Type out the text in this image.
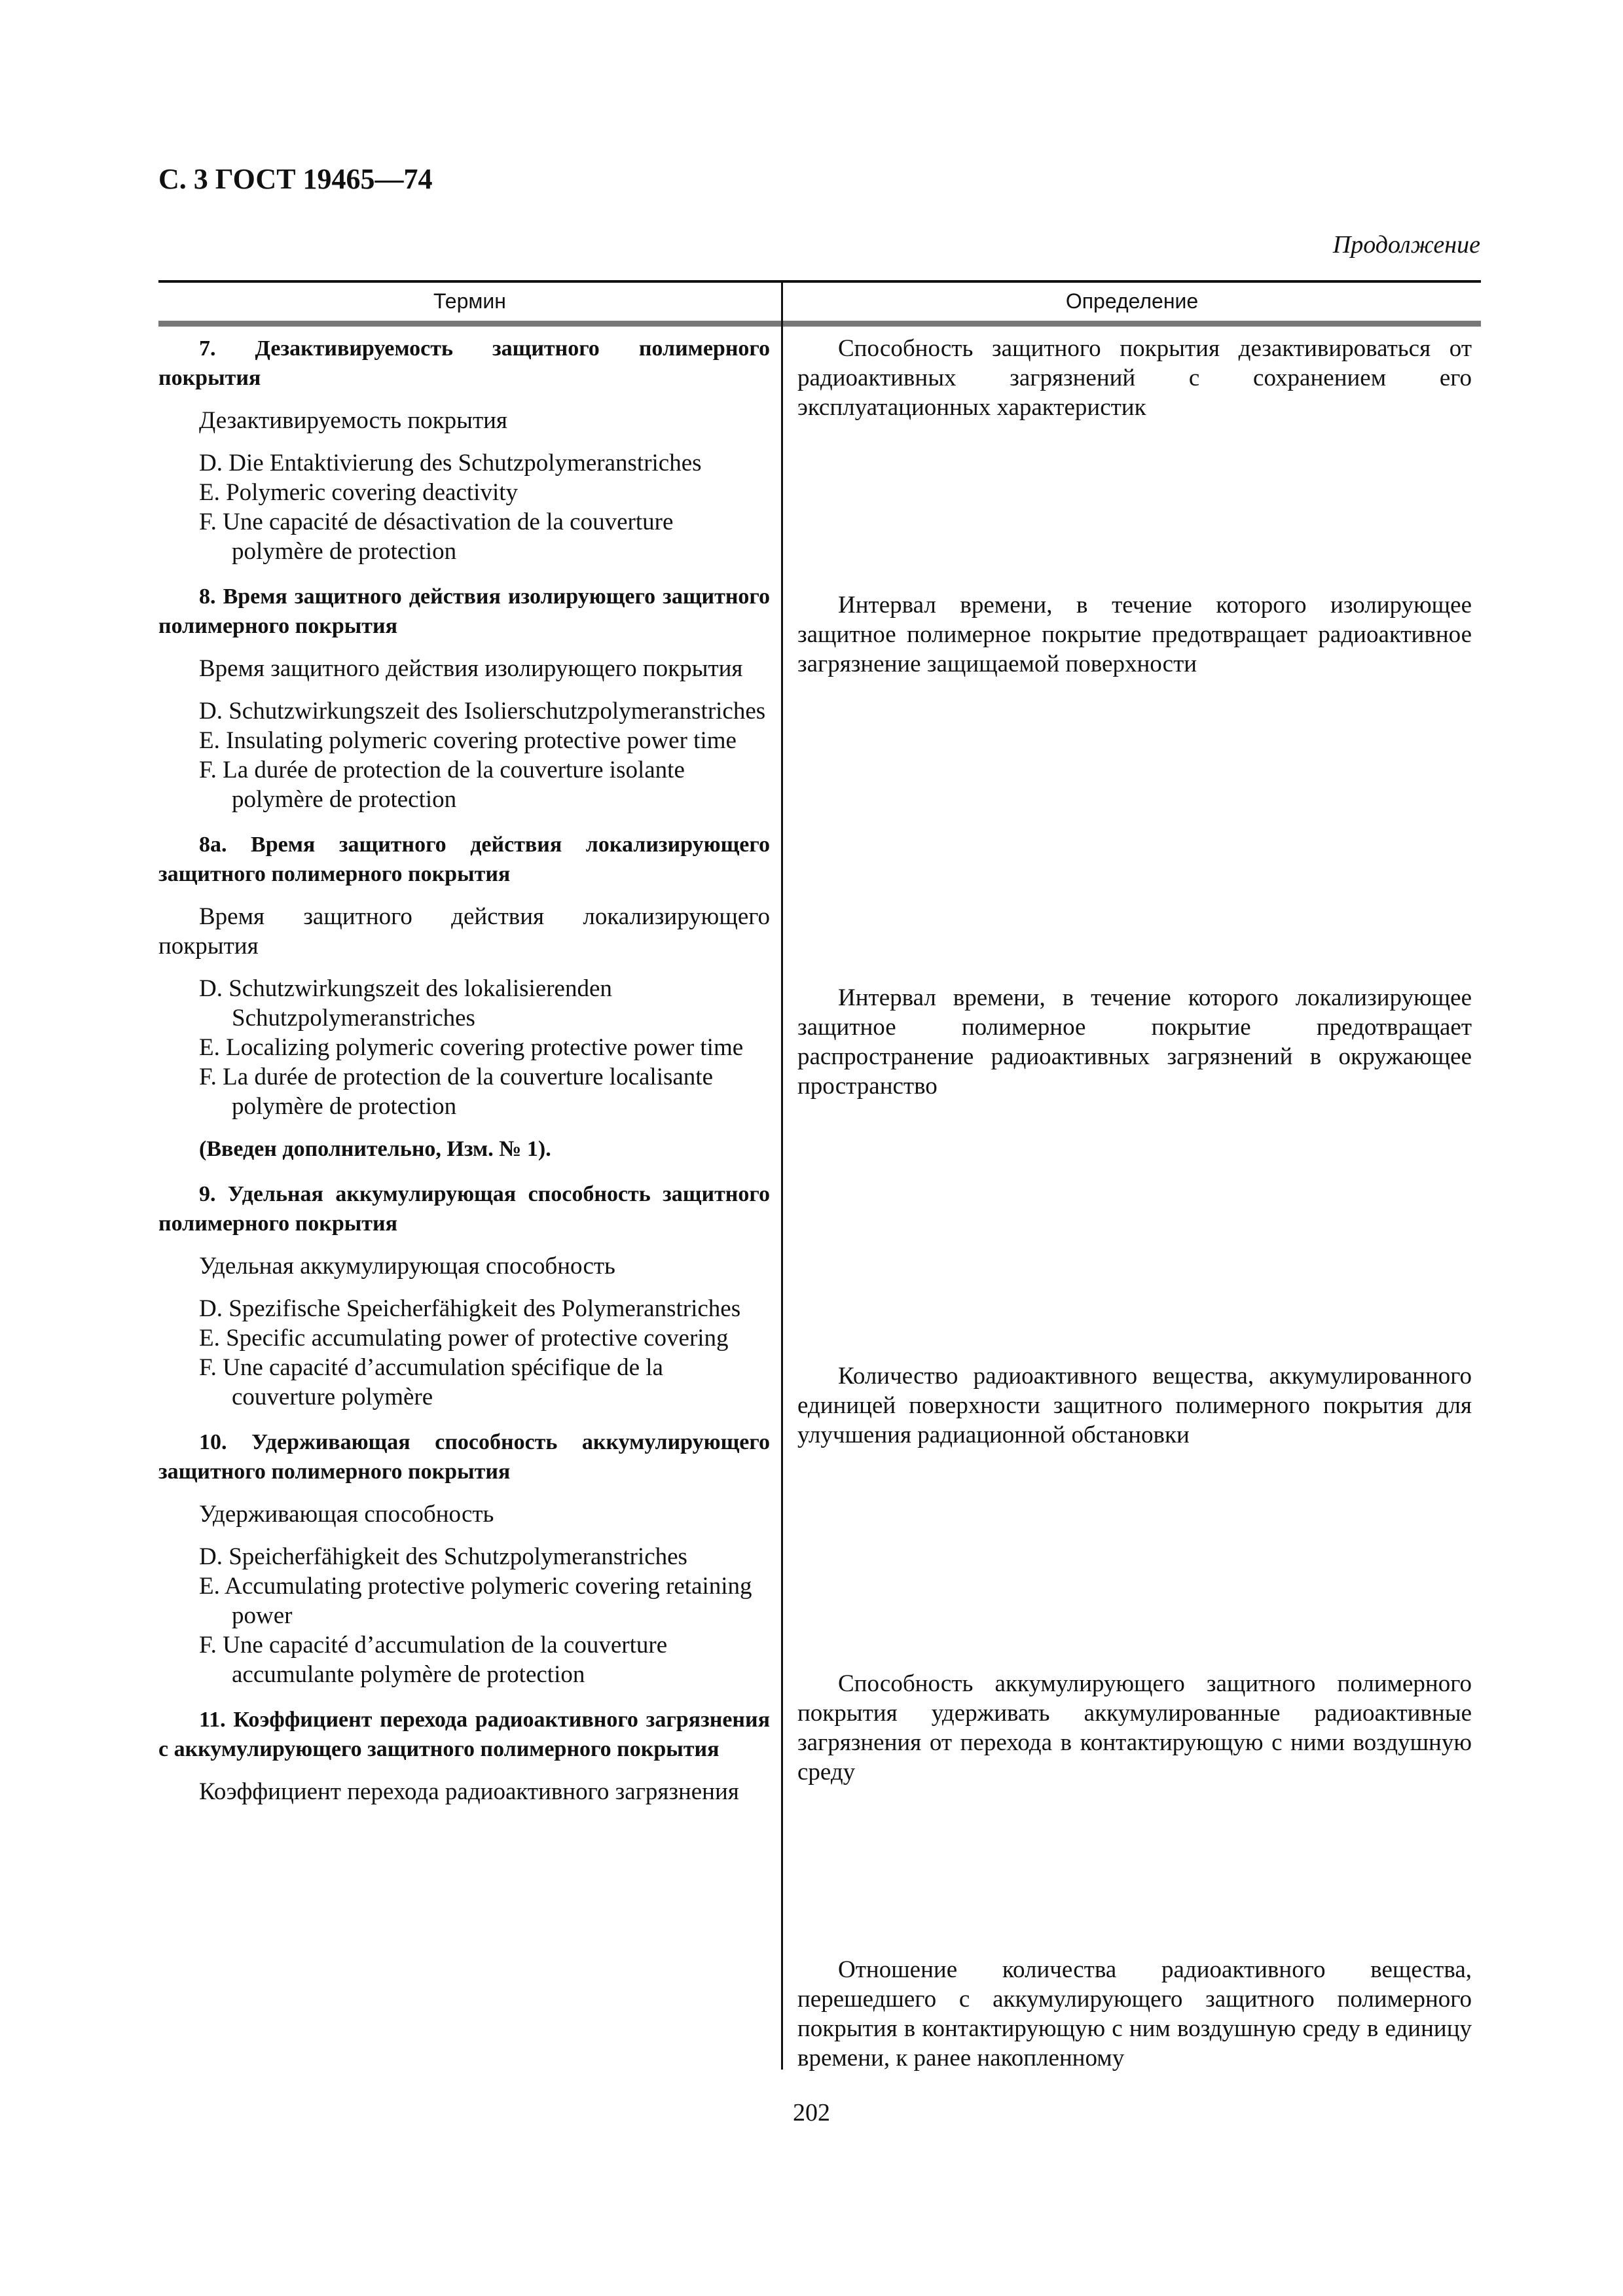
С. 3 ГОСТ 19465—74
Продолжение
Термин	Определение

7. Дезактивируемость защитного полимерного покрытия

Дезактивируемость покрытия

D. Die Entaktivierung des Schutzpolymeranstriches

E. Polymeric covering deactivity

F. Une capacité de désactivation de la couverture polymère de protection

8. Время защитного действия изолирующего защитного полимерного покрытия

Время защитного действия изолирующего покрытия

D. Schutzwirkungszeit des Isolierschutzpolymeranstriches

E. Insulating polymeric covering protective power time

F. La durée de protection de la couverture isolante polymère de protection

8а. Время защитного действия локализирующего защитного полимерного покрытия

Время защитного действия локализирующего покрытия

D. Schutzwirkungszeit des lokalisierenden Schutzpolymeranstriches

E. Localizing polymeric covering protective power time

F. La durée de protection de la couverture localisante polymère de protection

(Введен дополнительно, Изм. № 1).

9. Удельная аккумулирующая способность защитного полимерного покрытия

Удельная аккумулирующая способность

D. Spezifische Speicherfähigkeit des Polymeranstriches

E. Specific accumulating power of protective covering

F. Une capacité d’accumulation spécifique de la couverture polymère

10. Удерживающая способность аккумулирующего защитного полимерного покрытия

Удерживающая способность

D. Speicherfähigkeit des Schutzpolymeranstriches

E. Accumulating protective polymeric covering retaining power

F. Une capacité d’accumulation de la couverture accumulante polymère de protection

11. Коэффициент перехода радиоактивного загрязнения с аккумулирующего защитного полимерного покрытия

Коэффициент перехода радиоактивного загрязнения

Способность защитного покрытия дезактивироваться от радиоактивных загрязнений с сохранением его эксплуатационных характеристик

Интервал времени, в течение которого изолирующее защитное полимерное покрытие предотвращает радиоактивное загрязнение защищаемой поверхности

Интервал времени, в течение которого локализирующее защитное полимерное покрытие предотвращает распространение радиоактивных загрязнений в окружающее пространство

Количество радиоактивного вещества, аккумулированного единицей поверхности защитного полимерного покрытия для улучшения радиационной обстановки

Способность аккумулирующего защитного полимерного покрытия удерживать аккумулированные радиоактивные загрязнения от перехода в контактирующую с ними воздушную среду

Отношение количества радиоактивного вещества, перешедшего с аккумулирующего защитного полимерного покрытия в контактирующую с ним воздушную среду в единицу времени, к ранее накопленному

202
